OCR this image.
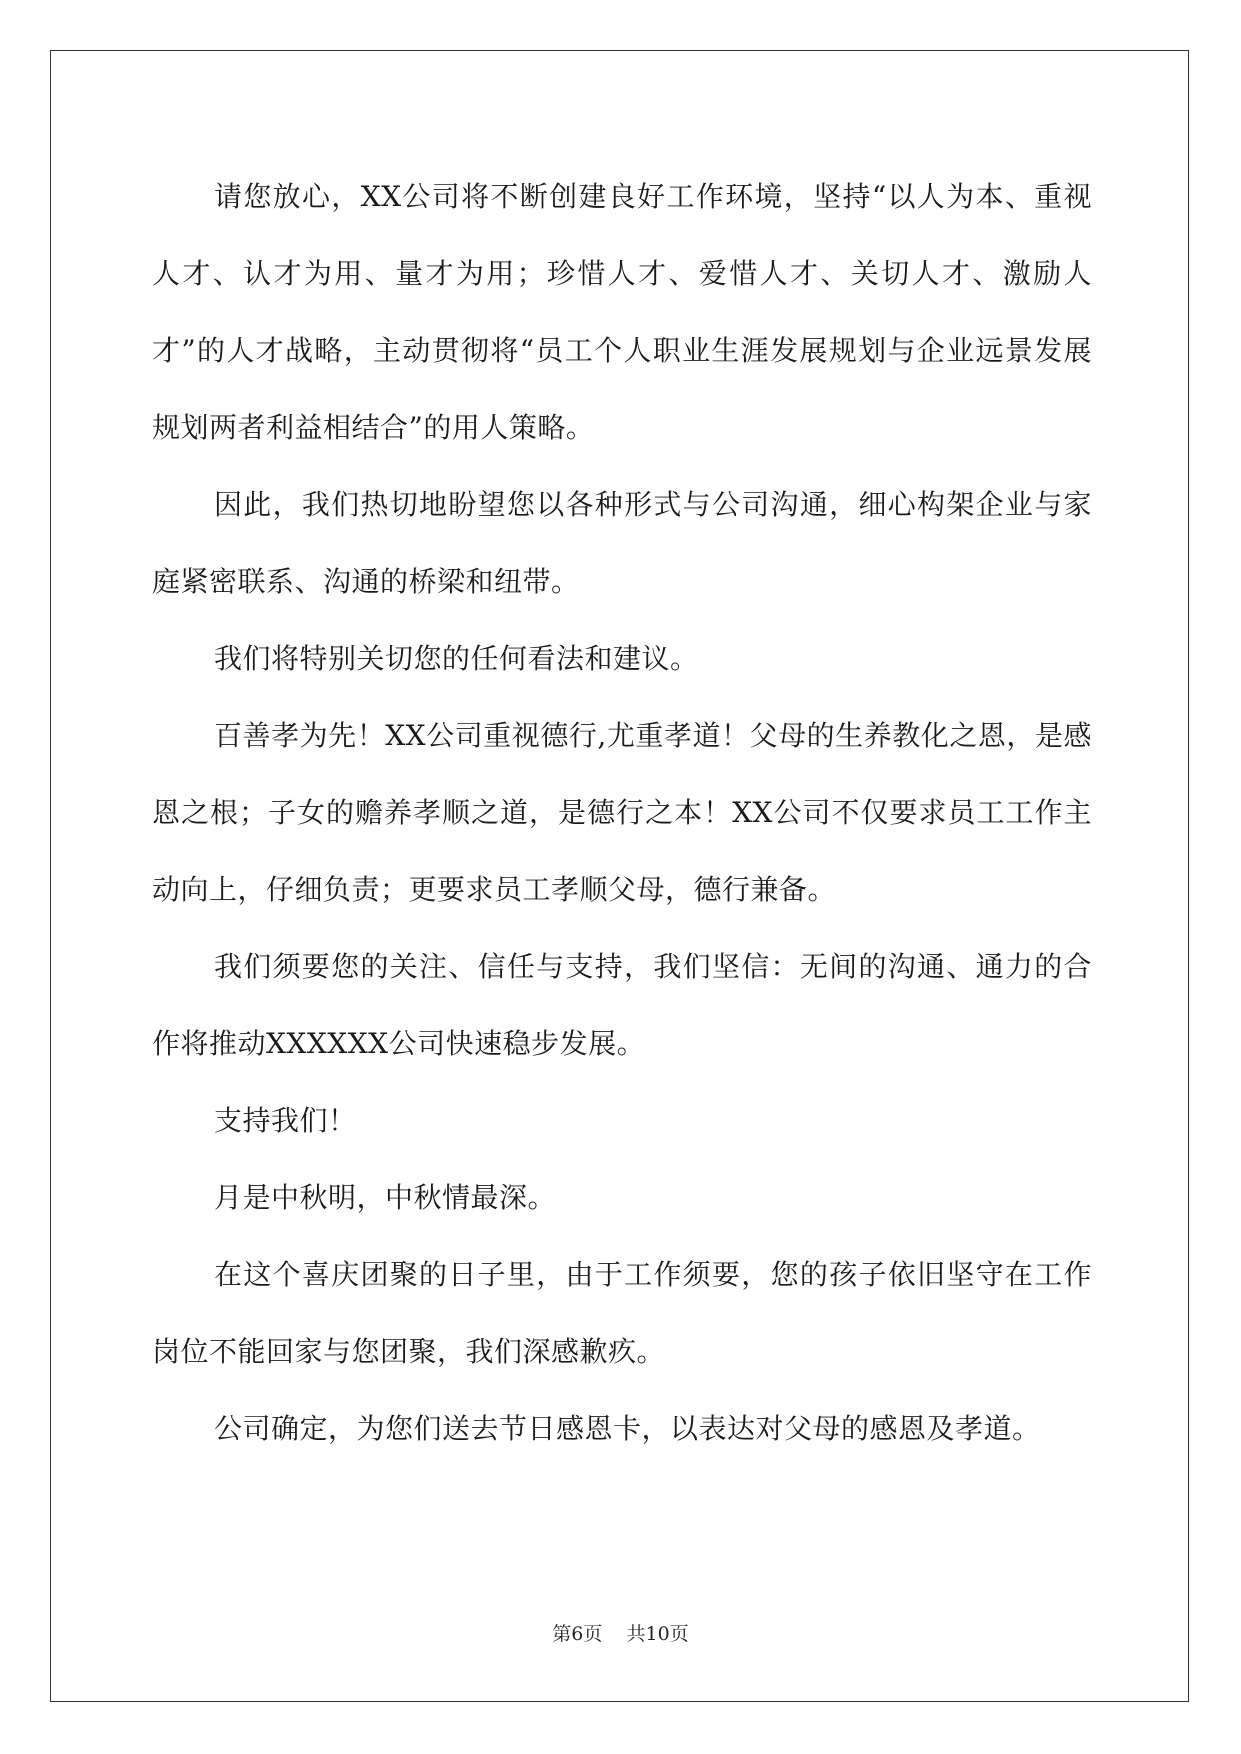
请您放心，XX公司将不断创建良好工作环境，坚持“以人为本、重视人才、认才为用、量才为用；珍惜人才、爱惜人才、关切人才、激励人才”的人才战略，主动贯彻将“员工个人职业生涯发展规划与企业远景发展规划两者利益相结合”的用人策略。

因此，我们热切地盼望您以各种形式与公司沟通，细心构架企业与家庭紧密联系、沟通的桥梁和纽带。

我们将特别关切您的任何看法和建议。

百善孝为先！XX公司重视德行,尤重孝道！父母的生养教化之恩，是感恩之根；子女的赡养孝顺之道，是德行之本！XX公司不仅要求员工工作主动向上，仔细负责；更要求员工孝顺父母，德行兼备。

我们须要您的关注、信任与支持，我们坚信：无间的沟通、通力的合作将推动XXXXXX公司快速稳步发展。

支持我们！

月是中秋明，中秋情最深。

在这个喜庆团聚的日子里，由于工作须要，您的孩子依旧坚守在工作岗位不能回家与您团聚，我们深感歉疚。

公司确定，为您们送去节日感恩卡，以表达对父母的感恩及孝道。

第6页 共10页
